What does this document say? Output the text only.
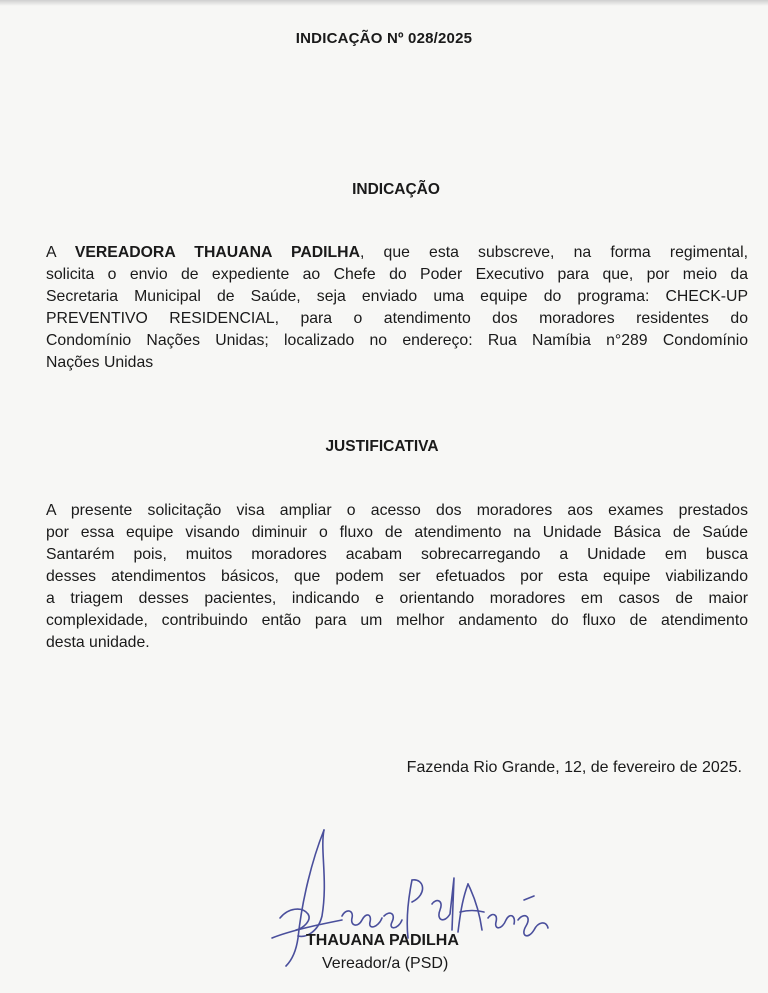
INDICAÇÃO Nº 028/2025
INDICAÇÃO

A VEREADORA THAUANA PADILHA, que esta subscreve, na forma regimental,
solicita o envio de expediente ao Chefe do Poder Executivo para que, por meio da
Secretaria Municipal de Saúde, seja enviado uma equipe do programa: CHECK-UP
PREVENTIVO RESIDENCIAL, para o atendimento dos moradores residentes do
Condomínio Nações Unidas; localizado no endereço: Rua Namíbia n°289 Condomínio
Nações Unidas

JUSTIFICATIVA

A presente solicitação visa ampliar o acesso dos moradores aos exames prestados
por essa equipe visando diminuir o fluxo de atendimento na Unidade Básica de Saúde
Santarém pois, muitos moradores acabam sobrecarregando a Unidade em busca
desses atendimentos básicos, que podem ser efetuados por esta equipe viabilizando
a triagem desses pacientes, indicando e orientando moradores em casos de maior
complexidade, contribuindo então para um melhor andamento do fluxo de atendimento
desta unidade.

Fazenda Rio Grande, 12, de fevereiro de 2025.
THAUANA PADILHA
Vereador/a (PSD)
